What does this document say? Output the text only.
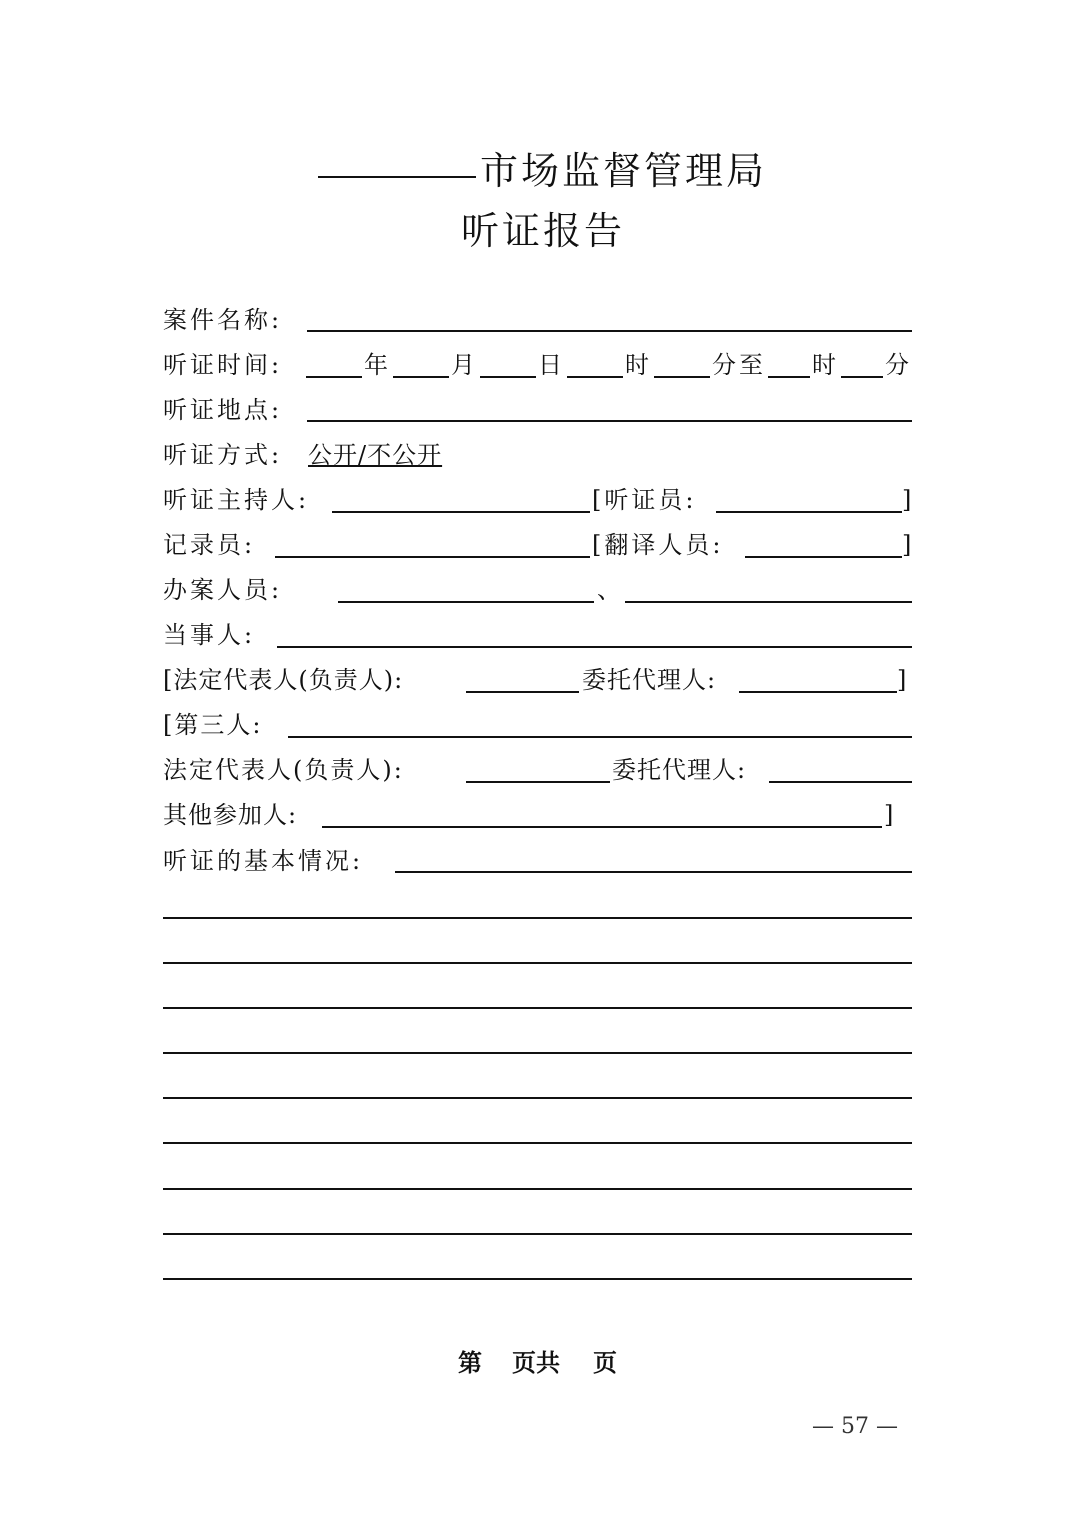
市场监督管理局
听证报告
案件名称:
听证时间:	年	月	日	时	分至 时 分
听证地点:
听证方式: 公开/不公开
听证主持人:	[听证员:	]
记录员:	[翻译人员:	]
办案人员:	、
当事人:
[法定代表人(负责人):	委托代理人:	]
[第三人:
法定代表人(负责人):	委托代理人:
其他参加人:	]
听证的基本情况:
第 页共 页
— 57 —
